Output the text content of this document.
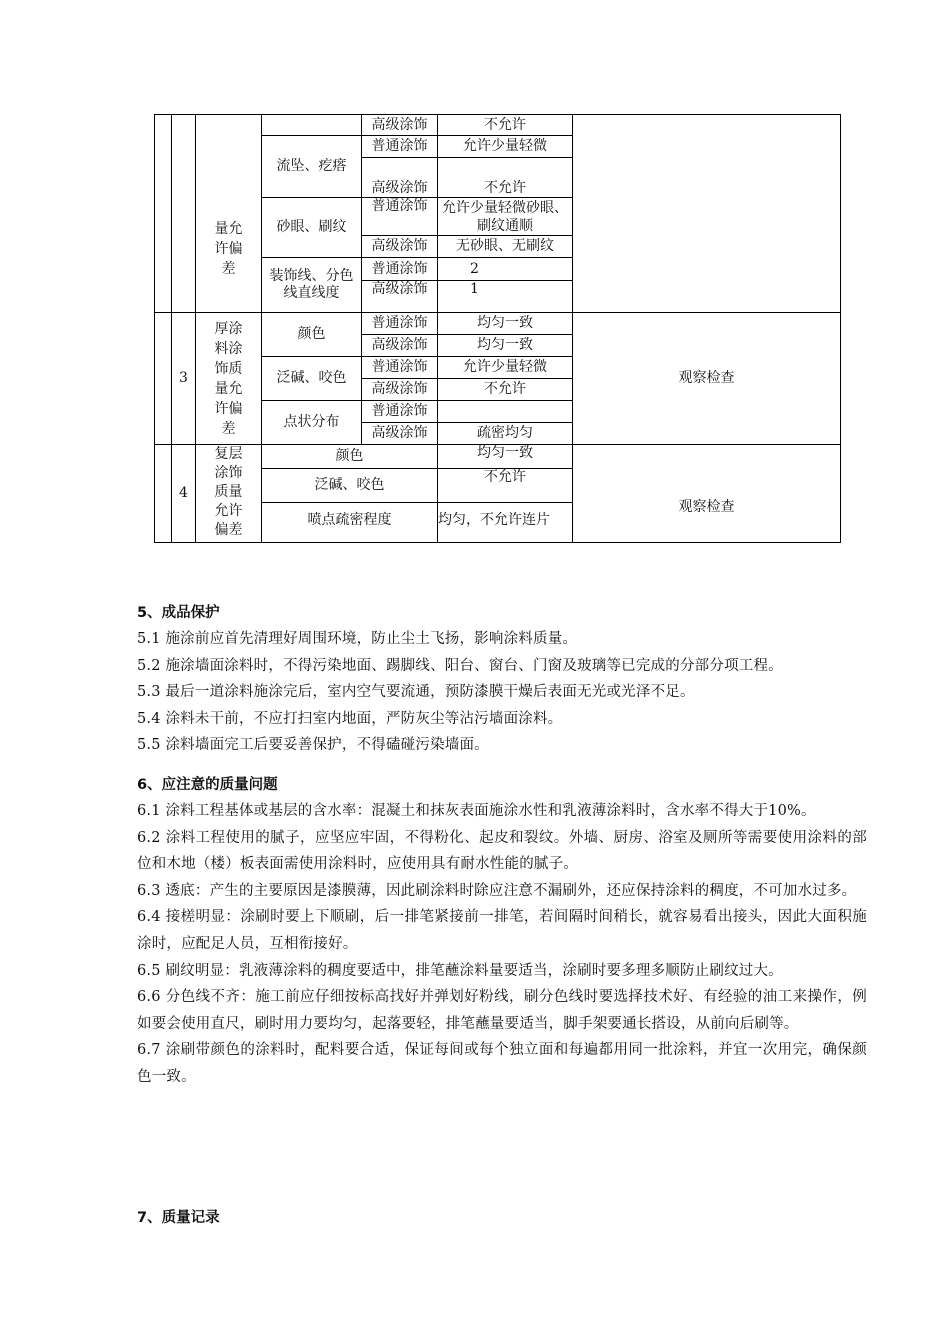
		量允许偏差		高级涂饰	不允许	
			流坠、疙瘩	普通涂饰	允许少量轻微	
				高级涂饰	不允许	
			砂眼、刷纹	普通涂饰	允许少量轻微砂眼、刷纹通顺	

				高级涂饰	无砂眼、无刷纹	

			装饰线、分色线直线度	普通涂饰	2	
				高级涂饰	1	
	3	厚涂料涂饰质量允许偏差	颜色	普通涂饰	均匀一致	观察检查
				高级涂饰	均匀一致	
			泛碱、咬色	普通涂饰	允许少量轻微	
				高级涂饰	不允许	
			点状分布	普通涂饰		
				高级涂饰	疏密均匀	
	4	复层涂饰质量允许偏差	颜色		均匀一致	观察检查

			泛碱、咬色		不允许	
			喷点疏密程度		均匀，不允许连片	

5、成品保护

5.1 施涂前应首先清理好周围环境，防止尘土飞扬，影响涂料质量。

5.2 施涂墙面涂料时，不得污染地面、踢脚线、阳台、窗台、门窗及玻璃等已完成的分部分项工程。

5.3 最后一道涂料施涂完后，室内空气要流通，预防漆膜干燥后表面无光或光泽不足。

5.4 涂料未干前，不应打扫室内地面，严防灰尘等沾污墙面涂料。

5.5 涂料墙面完工后要妥善保护，不得磕碰污染墙面。

6、应注意的质量问题

6.1 涂料工程基体或基层的含水率：混凝土和抹灰表面施涂水性和乳液薄涂料时，含水率不得大于10%。

6.2 涂料工程使用的腻子，应坚应牢固，不得粉化、起皮和裂纹。外墙、厨房、浴室及厕所等需要使用涂料的部位和木地（楼）板表面需使用涂料时，应使用具有耐水性能的腻子。

6.3 透底：产生的主要原因是漆膜薄，因此刷涂料时除应注意不漏刷外，还应保持涂料的稠度，不可加水过多。

6.4 接槎明显：涂刷时要上下顺刷，后一排笔紧接前一排笔，若间隔时间稍长，就容易看出接头，因此大面积施涂时，应配足人员，互相衔接好。

6.5 刷纹明显：乳液薄涂料的稠度要适中，排笔蘸涂料量要适当，涂刷时要多理多顺防止刷纹过大。

6.6 分色线不齐：施工前应仔细按标高找好并弹划好粉线，刷分色线时要选择技术好、有经验的油工来操作，例如要会使用直尺，刷时用力要均匀，起落要轻，排笔蘸量要适当，脚手架要通长搭设，从前向后刷等。

6.7 涂刷带颜色的涂料时，配料要合适，保证每间或每个独立面和每遍都用同一批涂料，并宜一次用完，确保颜色一致。

7、质量记录
